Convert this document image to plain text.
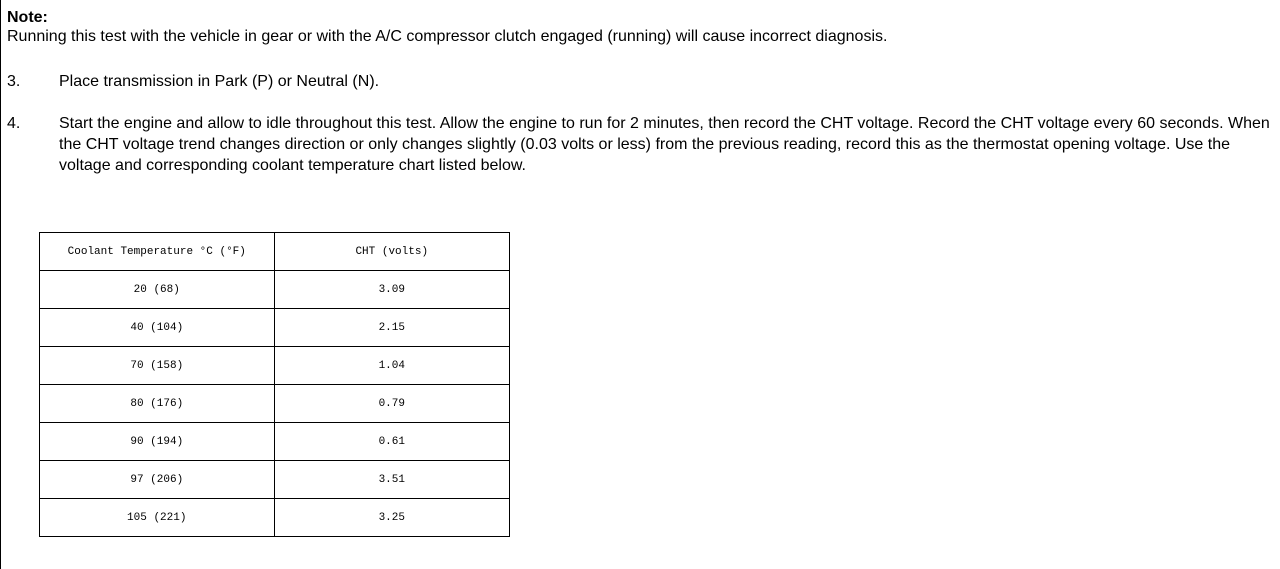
Note:
Running this test with the vehicle in gear or with the A/C compressor clutch engaged (running) will cause incorrect diagnosis.
3.	Place transmission in Park (P) or Neutral (N).
4.	Start the engine and allow to idle throughout this test. Allow the engine to run for 2 minutes, then record the CHT voltage. Record the CHT voltage every 60 seconds. When the CHT voltage trend changes direction or only changes slightly (0.03 volts or less) from the previous reading, record this as the thermostat opening voltage. Use the voltage and corresponding coolant temperature chart listed below.
Coolant Temperature °C (°F)	CHT (volts)
20 (68)	3.09
40 (104)	2.15
70 (158)	1.04
80 (176)	0.79
90 (194)	0.61
97 (206)	3.51
105 (221)	3.25
